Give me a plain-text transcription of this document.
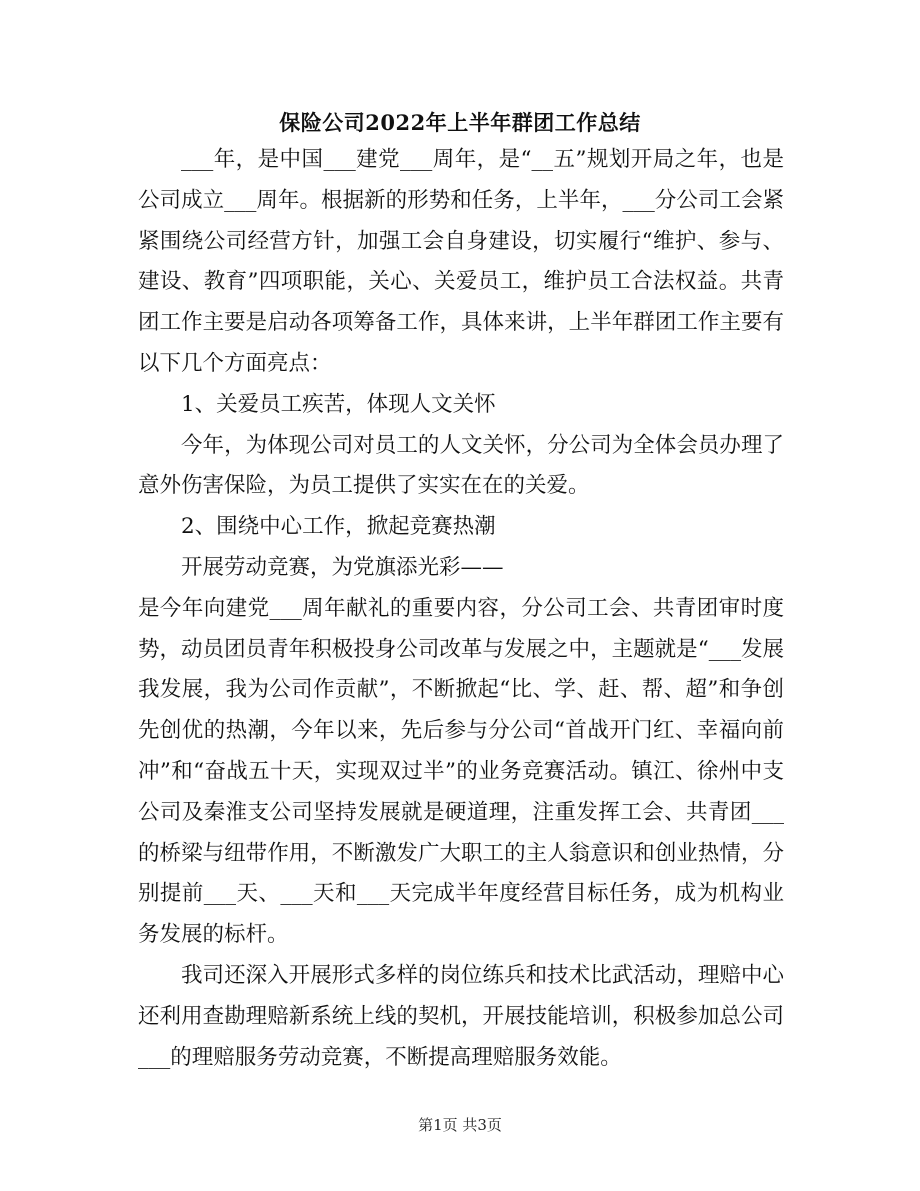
保险公司2022年上半年群团工作总结

___年，是中国___建党___周年，是“__五”规划开局之年，也是公司成立___周年。根据新的形势和任务，上半年，___分公司工会紧紧围绕公司经营方针，加强工会自身建设，切实履行“维护、参与、建设、教育”四项职能，关心、关爱员工，维护员工合法权益。共青团工作主要是启动各项筹备工作，具体来讲，上半年群团工作主要有以下几个方面亮点：

1、关爱员工疾苦，体现人文关怀

今年，为体现公司对员工的人文关怀，分公司为全体会员办理了意外伤害保险，为员工提供了实实在在的关爱。

2、围绕中心工作，掀起竞赛热潮

开展劳动竞赛，为党旗添光彩——

是今年向建党___周年献礼的重要内容，分公司工会、共青团审时度势，动员团员青年积极投身公司改革与发展之中，主题就是“___发展我发展，我为公司作贡献”，不断掀起“比、学、赶、帮、超”和争创先创优的热潮，今年以来，先后参与分公司“首战开门红、幸福向前冲”和“奋战五十天，实现双过半”的业务竞赛活动。镇江、徐州中支公司及秦淮支公司坚持发展就是硬道理，注重发挥工会、共青团___的桥梁与纽带作用，不断激发广大职工的主人翁意识和创业热情，分别提前___天、___天和___天完成半年度经营目标任务，成为机构业务发展的标杆。

我司还深入开展形式多样的岗位练兵和技术比武活动，理赔中心还利用查勘理赔新系统上线的契机，开展技能培训，积极参加总公司___的理赔服务劳动竞赛，不断提高理赔服务效能。

第1页 共3页
